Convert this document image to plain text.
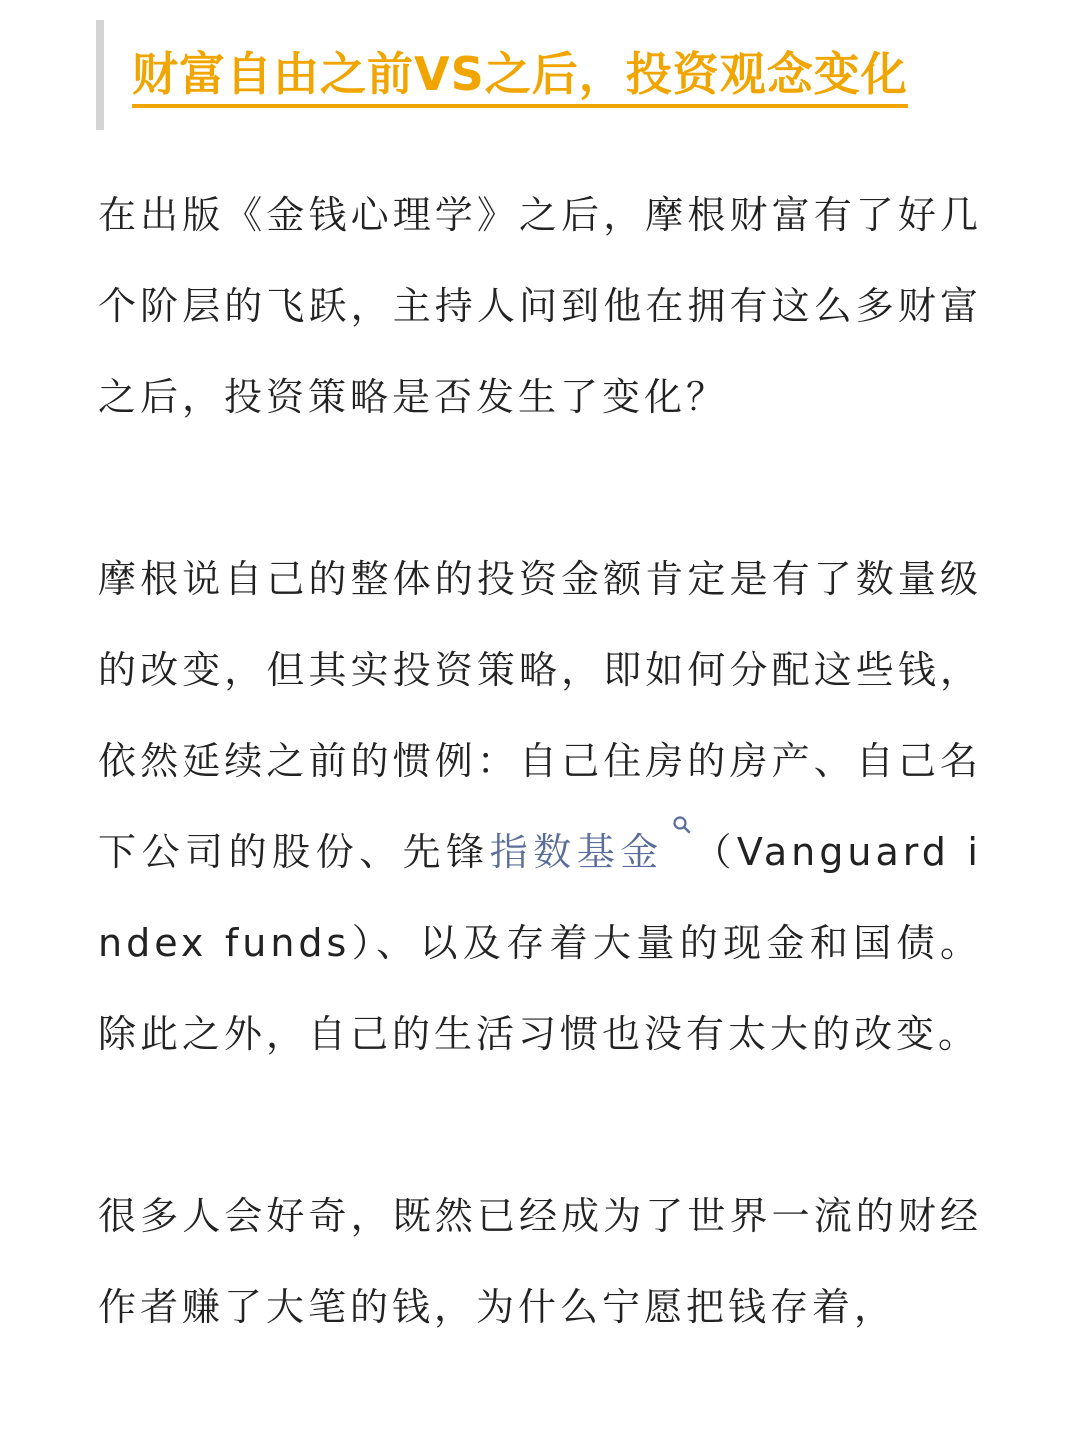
财富自由之前VS之后，投资观念变化

在出版《金钱心理学》之后，摩根财富有了好几个阶层的飞跃，主持人问到他在拥有这么多财富之后，投资策略是否发生了变化？

摩根说自己的整体的投资金额肯定是有了数量级的改变，但其实投资策略，即如何分配这些钱，依然延续之前的惯例：自己住房的房产、自己名下公司的股份、先锋指数基金 （Vanguard index funds）、以及存着大量的现金和国债。除此之外，自己的生活习惯也没有太大的改变。

很多人会好奇，既然已经成为了世界一流的财经作者赚了大笔的钱，为什么宁愿把钱存着，
